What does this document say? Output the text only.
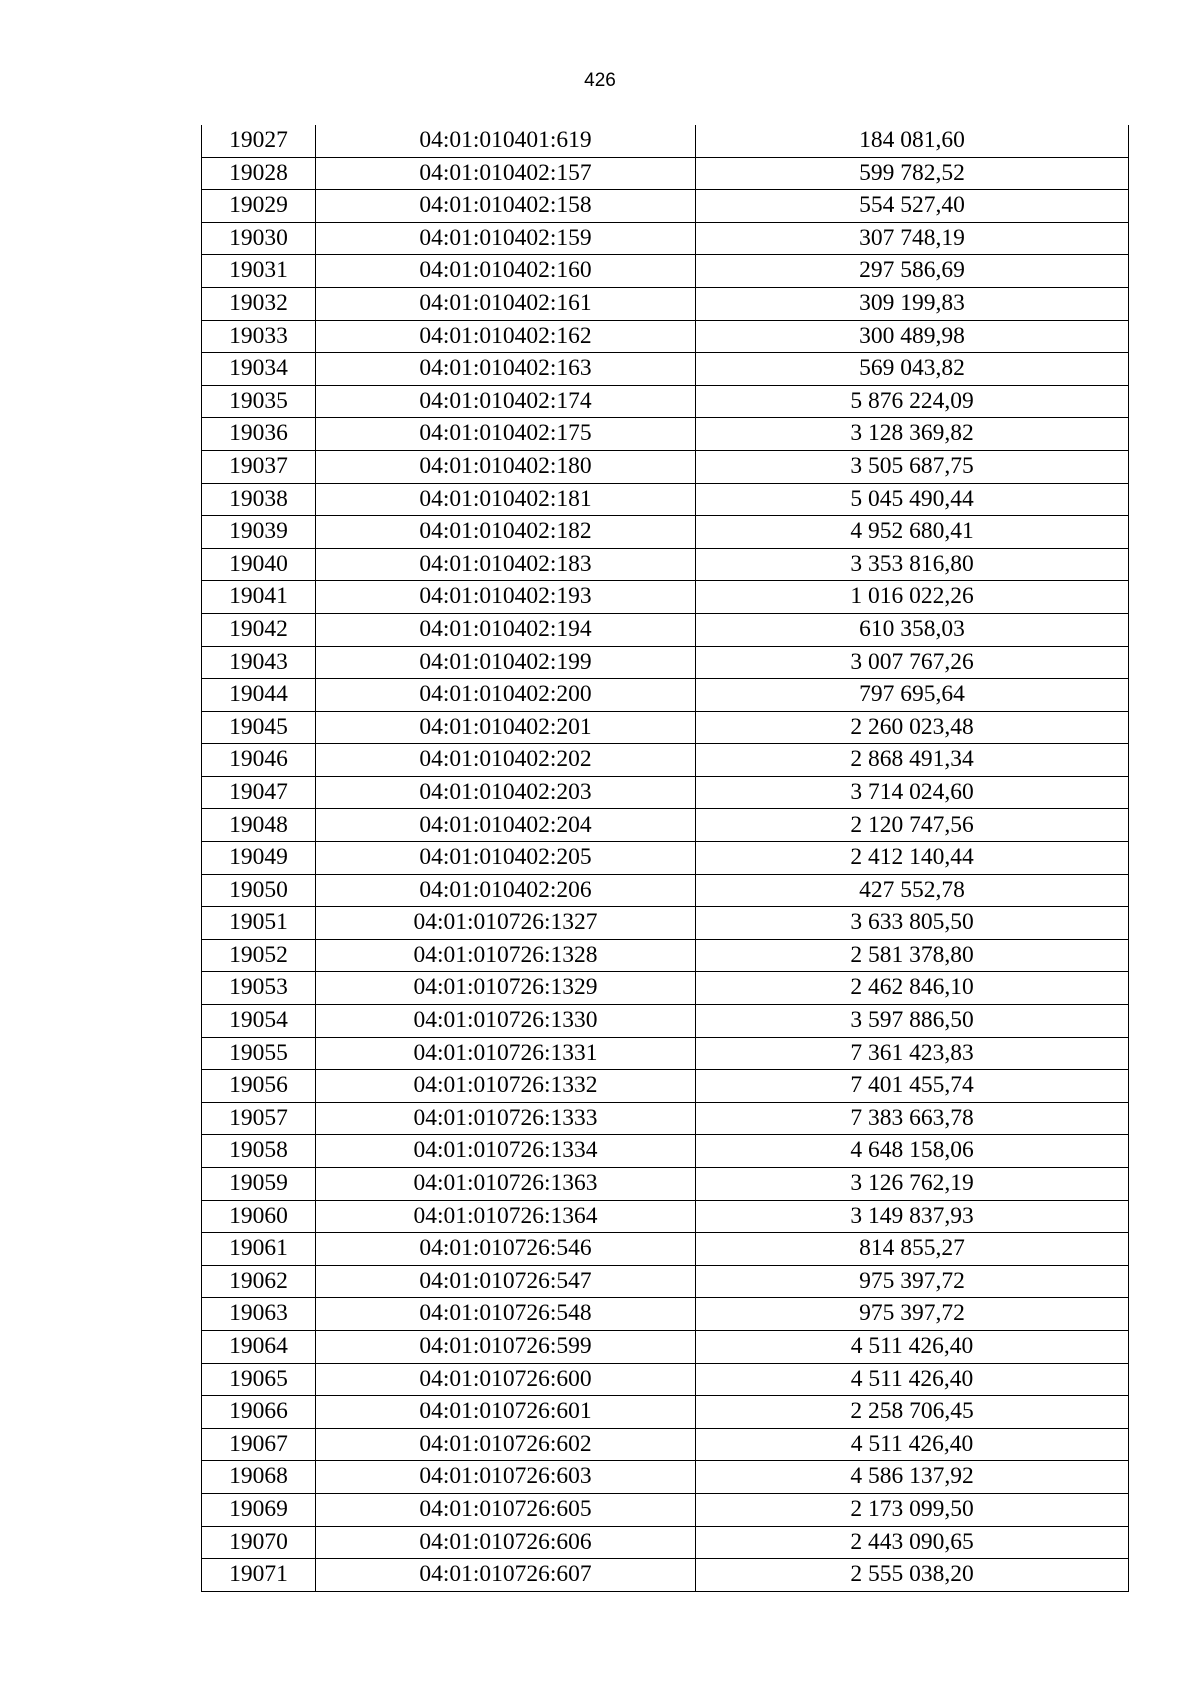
426
19027	04:01:010401:619	184 081,60
19028	04:01:010402:157	599 782,52
19029	04:01:010402:158	554 527,40
19030	04:01:010402:159	307 748,19
19031	04:01:010402:160	297 586,69
19032	04:01:010402:161	309 199,83
19033	04:01:010402:162	300 489,98
19034	04:01:010402:163	569 043,82
19035	04:01:010402:174	5 876 224,09
19036	04:01:010402:175	3 128 369,82
19037	04:01:010402:180	3 505 687,75
19038	04:01:010402:181	5 045 490,44
19039	04:01:010402:182	4 952 680,41
19040	04:01:010402:183	3 353 816,80
19041	04:01:010402:193	1 016 022,26
19042	04:01:010402:194	610 358,03
19043	04:01:010402:199	3 007 767,26
19044	04:01:010402:200	797 695,64
19045	04:01:010402:201	2 260 023,48
19046	04:01:010402:202	2 868 491,34
19047	04:01:010402:203	3 714 024,60
19048	04:01:010402:204	2 120 747,56
19049	04:01:010402:205	2 412 140,44
19050	04:01:010402:206	427 552,78
19051	04:01:010726:1327	3 633 805,50
19052	04:01:010726:1328	2 581 378,80
19053	04:01:010726:1329	2 462 846,10
19054	04:01:010726:1330	3 597 886,50
19055	04:01:010726:1331	7 361 423,83
19056	04:01:010726:1332	7 401 455,74
19057	04:01:010726:1333	7 383 663,78
19058	04:01:010726:1334	4 648 158,06
19059	04:01:010726:1363	3 126 762,19
19060	04:01:010726:1364	3 149 837,93
19061	04:01:010726:546	814 855,27
19062	04:01:010726:547	975 397,72
19063	04:01:010726:548	975 397,72
19064	04:01:010726:599	4 511 426,40
19065	04:01:010726:600	4 511 426,40
19066	04:01:010726:601	2 258 706,45
19067	04:01:010726:602	4 511 426,40
19068	04:01:010726:603	4 586 137,92
19069	04:01:010726:605	2 173 099,50
19070	04:01:010726:606	2 443 090,65
19071	04:01:010726:607	2 555 038,20
